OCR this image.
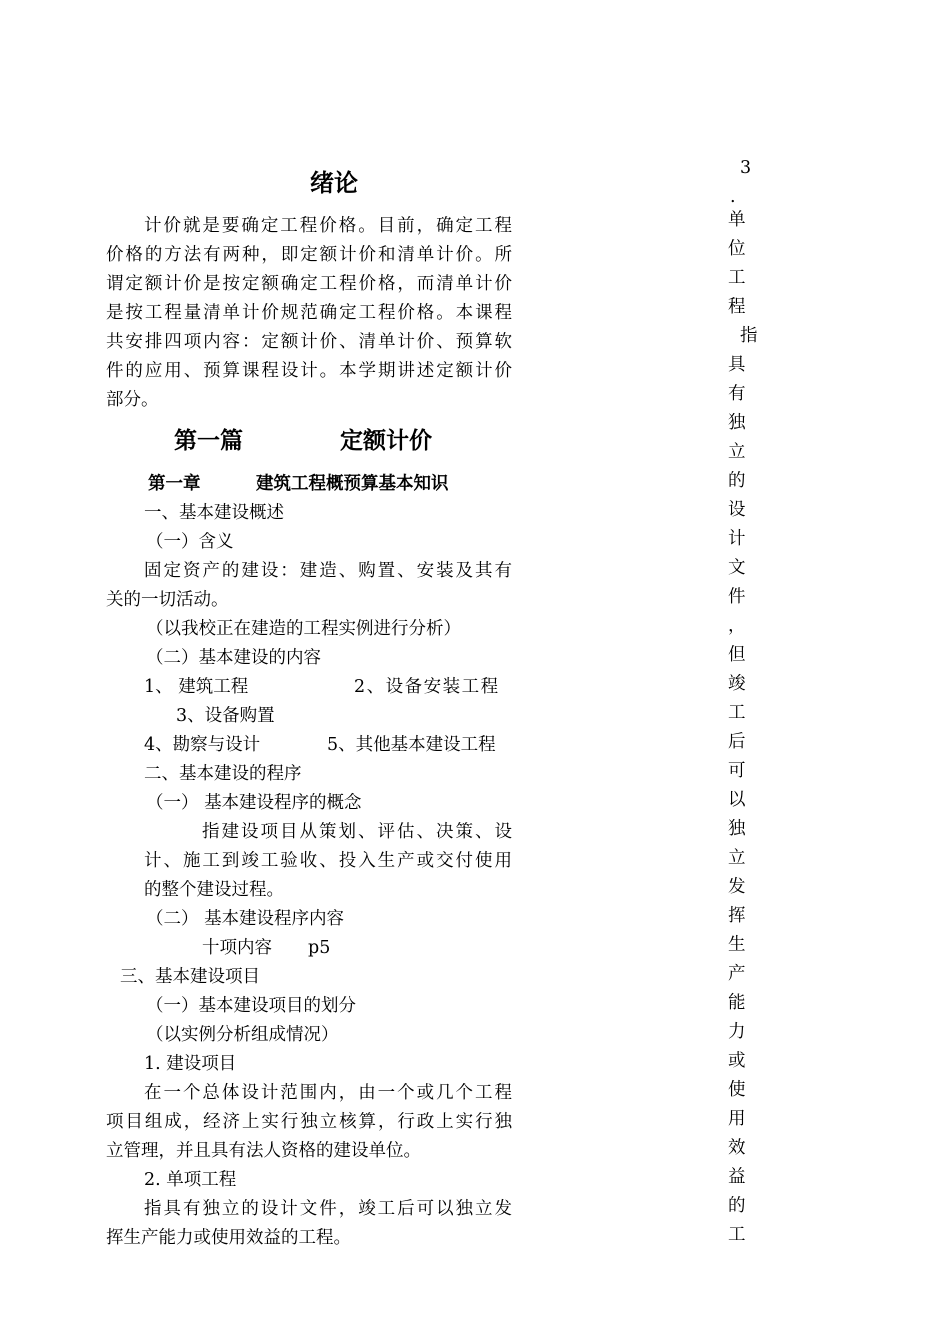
绪论
计价就是要确定工程价格。目前，确定工程
价格的方法有两种，即定额计价和清单计价。所
谓定额计价是按定额确定工程价格，而清单计价
是按工程量清单计价规范确定工程价格。本课程
共安排四项内容：定额计价、清单计价、预算软
件的应用、预算课程设计。本学期讲述定额计价
部分。
第一篇	定额计价
第一章	建筑工程概预算基本知识
一、基本建设概述
（一）含义
固定资产的建设：建造、购置、安装及其有
关的一切活动。
（以我校正在建造的工程实例进行分析）
（二）基本建设的内容
1、 建筑工程	2、设备安装工程
3、设备购置
4、勘察与设计	5、其他基本建设工程
二、基本建设的程序
（一） 基本建设程序的概念
指建设项目从策划、评估、决策、设
计、施工到竣工验收、投入生产或交付使用
的整个建设过程。
（二） 基本建设程序内容
十项内容 p5
三、基本建设项目
（一）基本建设项目的划分
（以实例分析组成情况）
1. 建设项目
在一个总体设计范围内，由一个或几个工程
项目组成，经济上实行独立核算，行政上实行独
立管理，并且具有法人资格的建设单位。
2. 单项工程
指具有独立的设计文件，竣工后可以独立发
挥生产能力或使用效益的工程。
3
.
单
位
工
程
指
具
有
独
立
的
设
计
文
件
，
但
竣
工
后
可
以
独
立
发
挥
生
产
能
力
或
使
用
效
益
的
工
